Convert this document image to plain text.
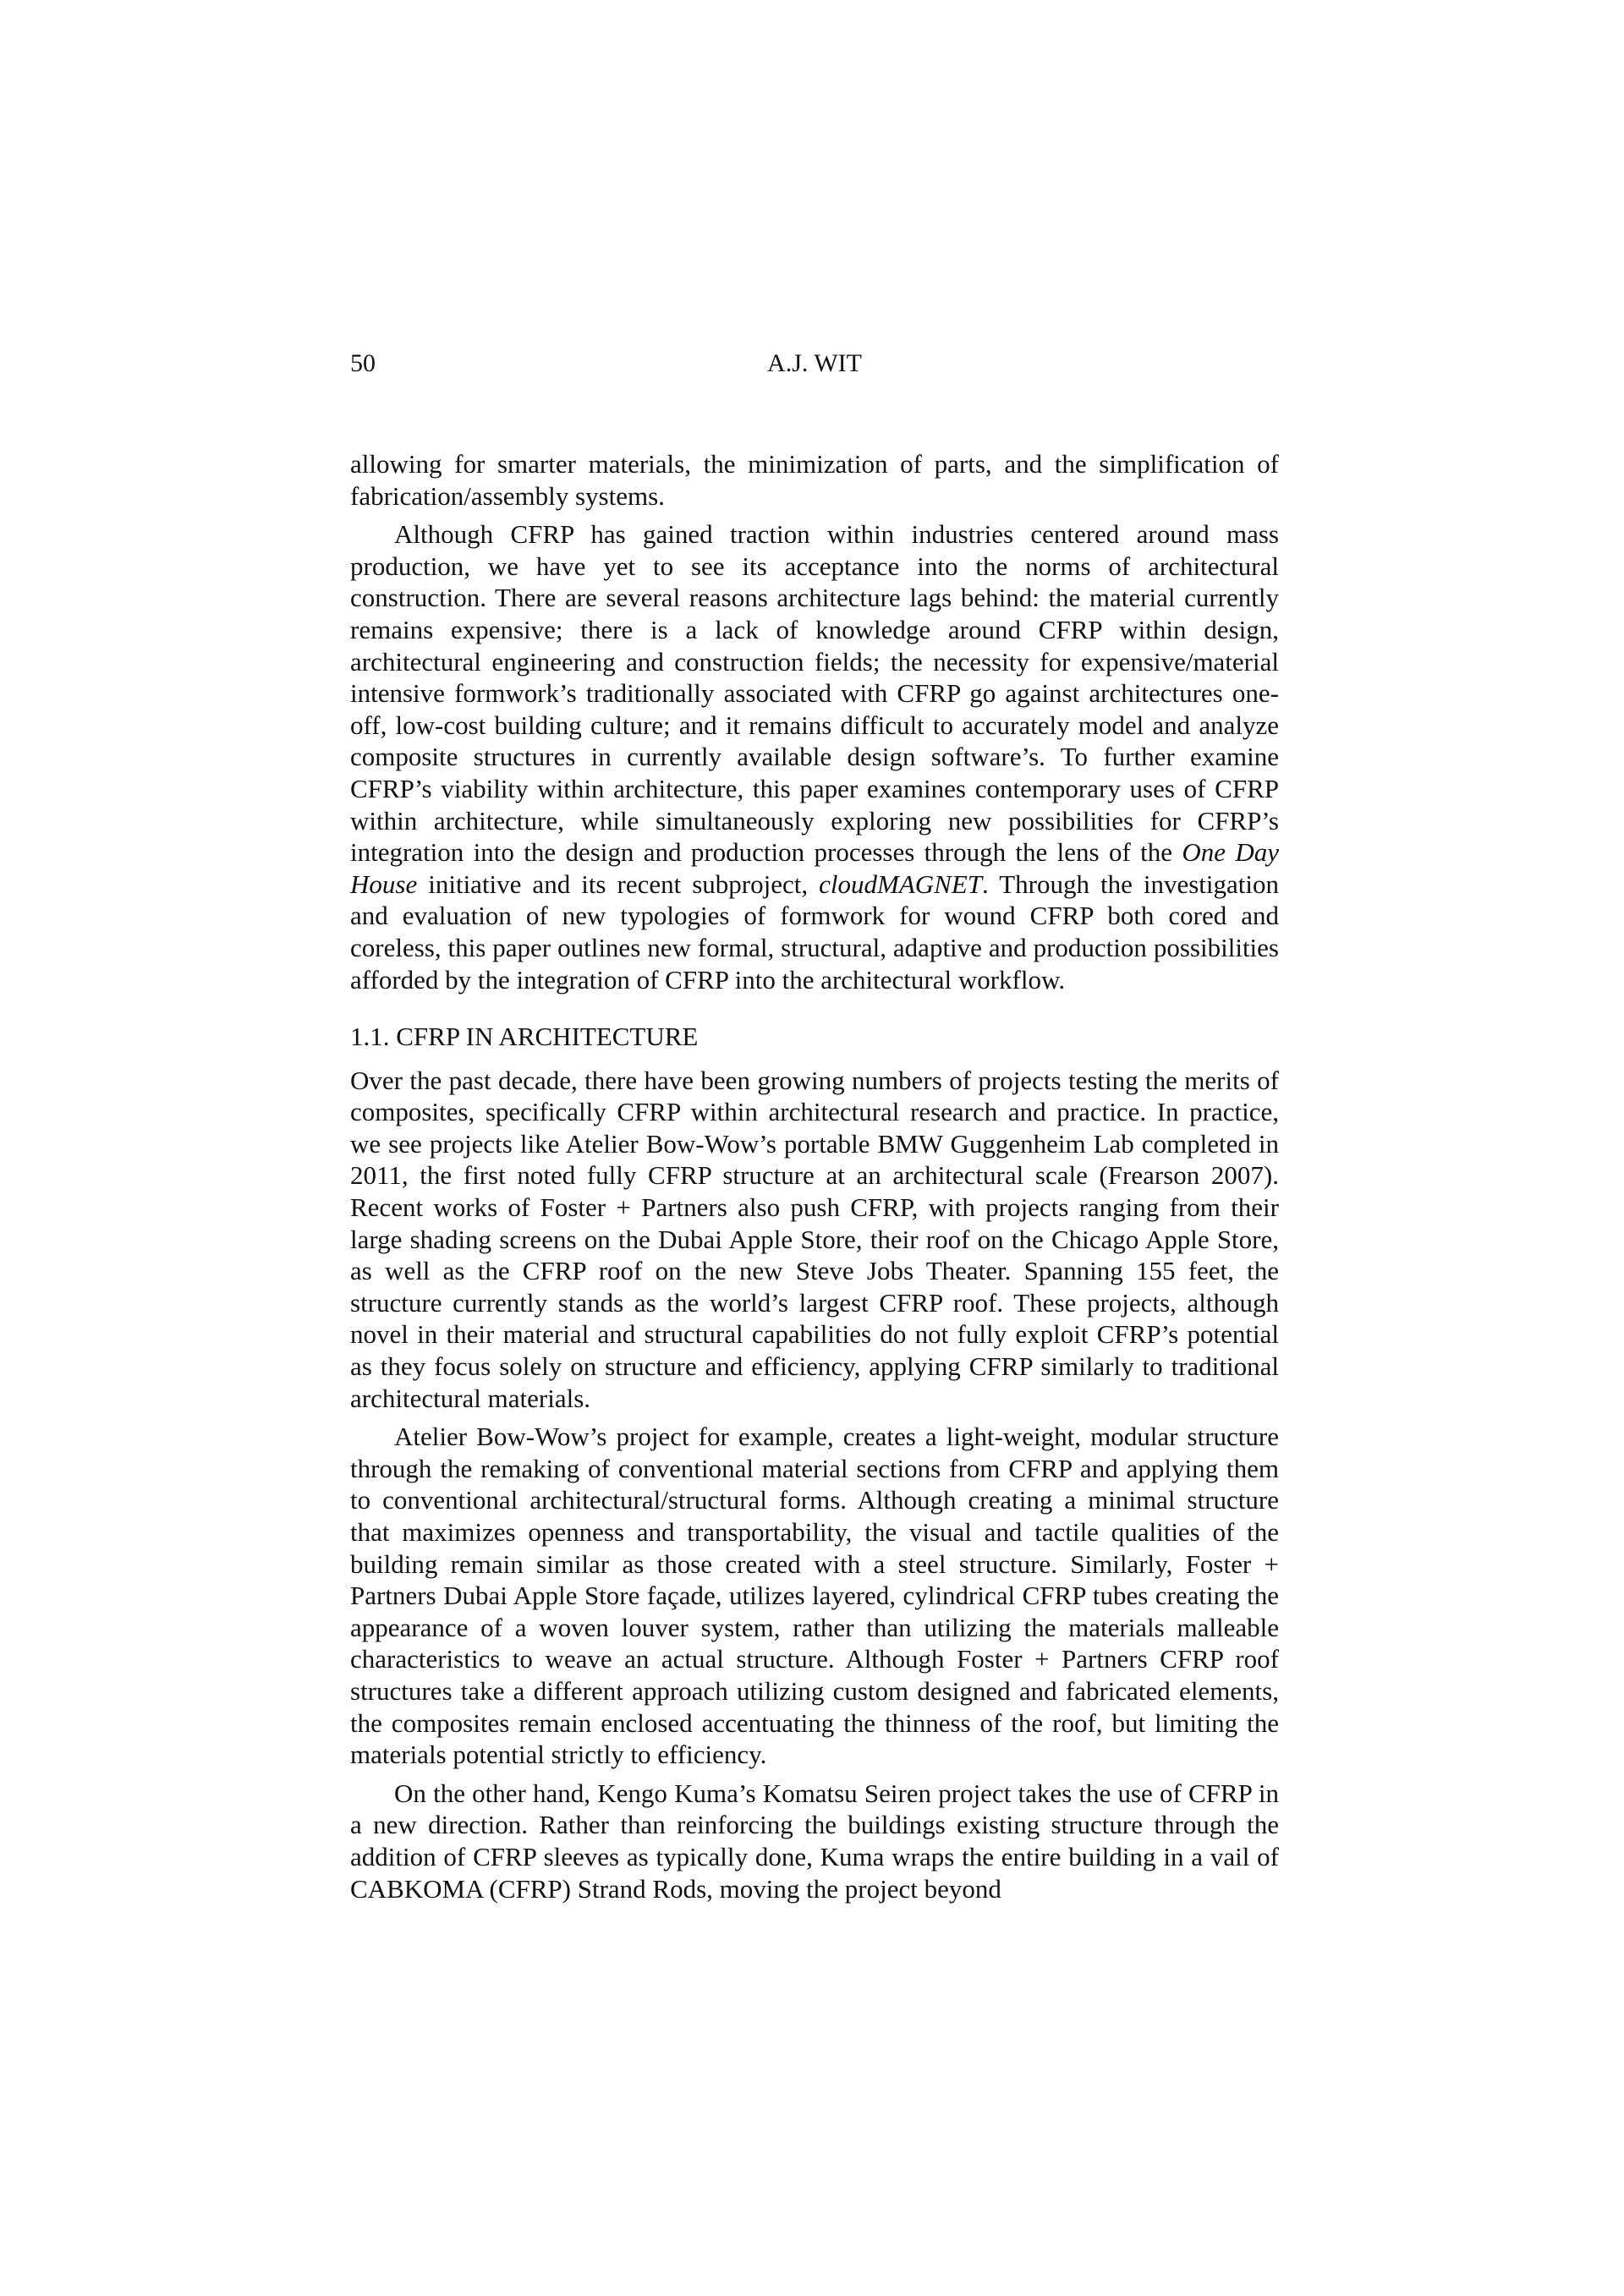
50	A.J. WIT

allowing for smarter materials, the minimization of parts, and the simplification of fabrication/assembly systems.

Although CFRP has gained traction within industries centered around mass production, we have yet to see its acceptance into the norms of architectural construction. There are several reasons architecture lags behind: the material currently remains expensive; there is a lack of knowledge around CFRP within design, architectural engineering and construction fields; the necessity for expensive/material intensive formwork’s traditionally associated with CFRP go against architectures one-off, low-cost building culture; and it remains difficult to accurately model and analyze composite structures in currently available design software’s. To further examine CFRP’s viability within architecture, this paper examines contemporary uses of CFRP within architecture, while simultaneously exploring new possibilities for CFRP’s integration into the design and production processes through the lens of the One Day House initiative and its recent subproject, cloudMAGNET. Through the investigation and evaluation of new typologies of formwork for wound CFRP both cored and coreless, this paper outlines new formal, structural, adaptive and production possibilities afforded by the integration of CFRP into the architectural workflow.

1.1. CFRP IN ARCHITECTURE

Over the past decade, there have been growing numbers of projects testing the merits of composites, specifically CFRP within architectural research and practice. In practice, we see projects like Atelier Bow-Wow’s portable BMW Guggenheim Lab completed in 2011, the first noted fully CFRP structure at an architectural scale (Frearson 2007). Recent works of Foster + Partners also push CFRP, with projects ranging from their large shading screens on the Dubai Apple Store, their roof on the Chicago Apple Store, as well as the CFRP roof on the new Steve Jobs Theater. Spanning 155 feet, the structure currently stands as the world’s largest CFRP roof. These projects, although novel in their material and structural capabilities do not fully exploit CFRP’s potential as they focus solely on structure and efficiency, applying CFRP similarly to traditional architectural materials.

Atelier Bow-Wow’s project for example, creates a light-weight, modular structure through the remaking of conventional material sections from CFRP and applying them to conventional architectural/structural forms. Although creating a minimal structure that maximizes openness and transportability, the visual and tactile qualities of the building remain similar as those created with a steel structure. Similarly, Foster + Partners Dubai Apple Store façade, utilizes layered, cylindrical CFRP tubes creating the appearance of a woven louver system, rather than utilizing the materials malleable characteristics to weave an actual structure. Although Foster + Partners CFRP roof structures take a different approach utilizing custom designed and fabricated elements, the composites remain enclosed accentuating the thinness of the roof, but limiting the materials potential strictly to efficiency.

On the other hand, Kengo Kuma’s Komatsu Seiren project takes the use of CFRP in a new direction. Rather than reinforcing the buildings existing structure through the addition of CFRP sleeves as typically done, Kuma wraps the entire building in a vail of CABKOMA (CFRP) Strand Rods, moving the project beyond
